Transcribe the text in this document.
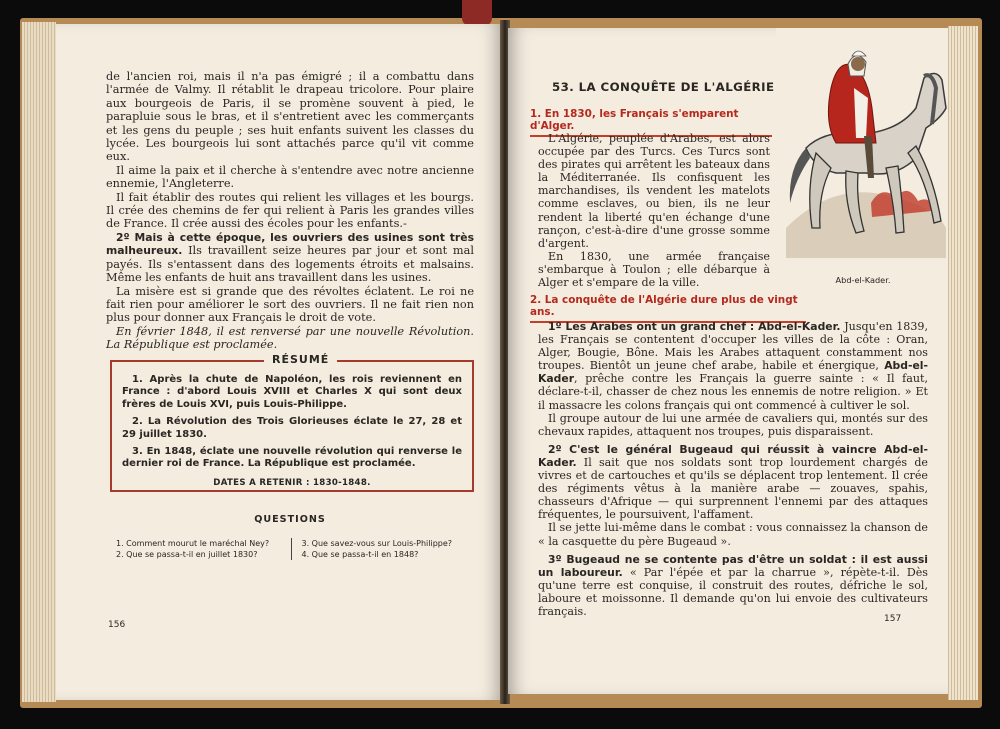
de l'ancien roi, mais il n'a pas émigré ; il a combattu dans l'armée de Valmy. Il rétablit le drapeau tricolore. Pour plaire aux bourgeois de Paris, il se promène souvent à pied, le parapluie sous le bras, et il s'entretient avec les commerçants et les gens du peuple ; ses huit enfants suivent les classes du lycée. Les bourgeois lui sont attachés parce qu'il vit comme eux.

Il aime la paix et il cherche à s'entendre avec notre ancienne ennemie, l'Angleterre.

Il fait établir des routes qui relient les villages et les bourgs. Il crée des chemins de fer qui relient à Paris les grandes villes de France. Il crée aussi des écoles pour les enfants.-

2º Mais à cette époque, les ouvriers des usines sont très malheureux. Ils travaillent seize heures par jour et sont mal payés. Ils s'entassent dans des logements étroits et malsains. Même les enfants de huit ans travaillent dans les usines.

La misère est si grande que des révoltes éclatent. Le roi ne fait rien pour améliorer le sort des ouvriers. Il ne fait rien non plus pour donner aux Français le droit de vote.

En février 1848, il est renversé par une nouvelle Révolution. La République est proclamée.

RÉSUMÉ

1. Après la chute de Napoléon, les rois reviennent en France : d'abord Louis XVIII et Charles X qui sont deux frères de Louis XVI, puis Louis-Philippe.

2. La Révolution des Trois Glorieuses éclate le 27, 28 et 29 juillet 1830.

3. En 1848, éclate une nouvelle révolution qui renverse le dernier roi de France. La République est proclamée.

DATES A RETENIR : 1830-1848.
QUESTIONS
1. Comment mourut le maréchal Ney?
2. Que se passa-t-il en juillet 1830?
3. Que savez-vous sur Louis-Philippe?
4. Que se passa-t-il en 1848?
156
53. LA CONQUÊTE DE L'ALGÉRIE
1. En 1830, les Français s'emparent d'Alger.

L'Algérie, peuplée d'Arabes, est alors occupée par des Turcs. Ces Turcs sont des pirates qui arrêtent les bateaux dans la Méditerranée. Ils confisquent les marchandises, ils vendent les matelots comme esclaves, ou bien, ils ne leur rendent la liberté qu'en échange d'une rançon, c'est-à-dire d'une grosse somme d'argent.

En 1830, une armée française s'embarque à Toulon ; elle débarque à Alger et s'empare de la ville.	Abd-el-Kader.
2. La conquête de l'Algérie dure plus de vingt ans.

1º Les Arabes ont un grand chef : Abd-el-Kader. Jusqu'en 1839, les Français se contentent d'occuper les villes de la côte : Oran, Alger, Bougie, Bône. Mais les Arabes attaquent constamment nos troupes. Bientôt un jeune chef arabe, habile et énergique, Abd-el-Kader, prêche contre les Français la guerre sainte : « Il faut, déclare-t-il, chasser de chez nous les ennemis de notre religion. » Et il massacre les colons français qui ont commencé à cultiver le sol.

Il groupe autour de lui une armée de cavaliers qui, montés sur des chevaux rapides, attaquent nos troupes, puis disparaissent.

2º C'est le général Bugeaud qui réussit à vaincre Abd-el-Kader. Il sait que nos soldats sont trop lourdement chargés de vivres et de cartouches et qu'ils se déplacent trop lentement. Il crée des régiments vêtus à la manière arabe — zouaves, spahis, chasseurs d'Afrique — qui surprennent l'ennemi par des attaques fréquentes, le poursuivent, l'affament.

Il se jette lui-même dans le combat : vous connaissez la chanson de « la casquette du père Bugeaud ».

3º Bugeaud ne se contente pas d'être un soldat : il est aussi un laboureur. « Par l'épée et par la charrue », répète-t-il. Dès qu'une terre est conquise, il construit des routes, défriche le sol, laboure et moissonne. Il demande qu'on lui envoie des cultivateurs français.

157
